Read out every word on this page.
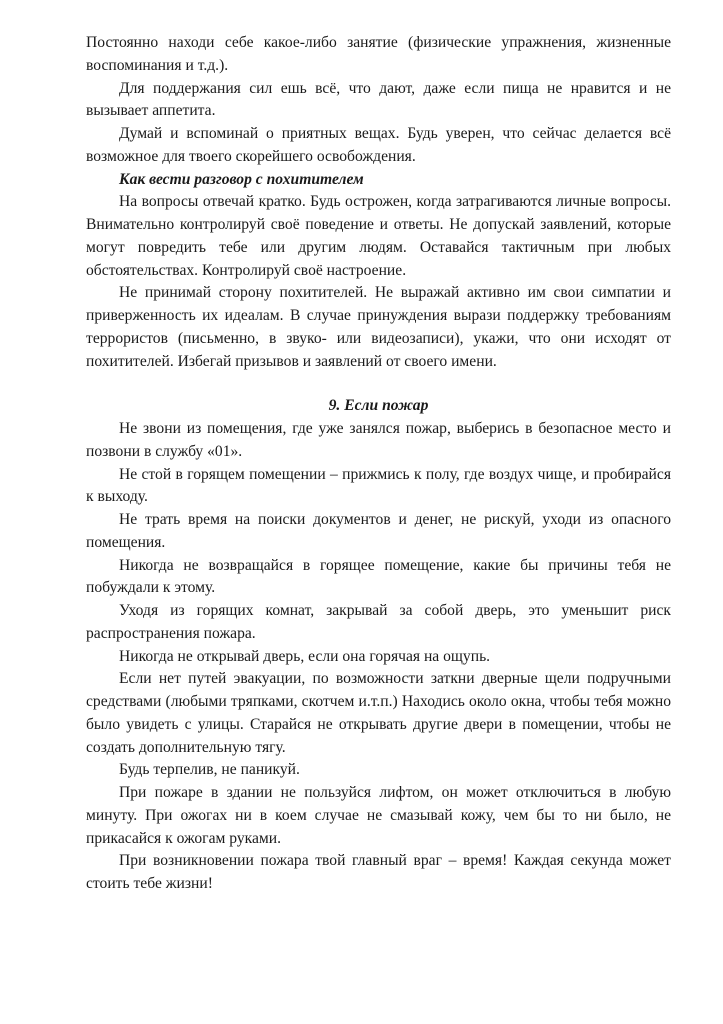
Постоянно находи себе какое-либо занятие (физические упражнения, жизненные воспоминания и т.д.).

Для поддержания сил ешь всё, что дают, даже если пища не нравится и не вызывает аппетита.

Думай и вспоминай о приятных вещах. Будь уверен, что сейчас делается всё возможное для твоего скорейшего освобождения.

Как вести разговор с похитителем

На вопросы отвечай кратко. Будь острожен, когда затрагиваются личные вопросы. Внимательно контролируй своё поведение и ответы. Не допускай заявлений, которые могут повредить тебе или другим людям. Оставайся тактичным при любых обстоятельствах. Контролируй своё настроение.

Не принимай сторону похитителей. Не выражай активно им свои симпатии и приверженность их идеалам. В случае принуждения вырази поддержку требованиям террористов (письменно, в звуко- или видеозаписи), укажи, что они исходят от похитителей. Избегай призывов и заявлений от своего имени.

9. Если пожар

Не звони из помещения, где уже занялся пожар, выберись в безопасное место и позвони в службу «01».

Не стой в горящем помещении – прижмись к полу, где воздух чище, и пробирайся к выходу.

Не трать время на поиски документов и денег, не рискуй, уходи из опасного помещения.

Никогда не возвращайся в горящее помещение, какие бы причины тебя не побуждали к этому.

Уходя из горящих комнат, закрывай за собой дверь, это уменьшит риск распространения пожара.

Никогда не открывай дверь, если она горячая на ощупь.

Если нет путей эвакуации, по возможности заткни дверные щели подручными средствами (любыми тряпками, скотчем и.т.п.) Находись около окна, чтобы тебя можно было увидеть с улицы. Старайся не открывать другие двери в помещении, чтобы не создать дополнительную тягу.

Будь терпелив, не паникуй.

При пожаре в здании не пользуйся лифтом, он может отключиться в любую минуту. При ожогах ни в коем случае не смазывай кожу, чем бы то ни было, не прикасайся к ожогам руками.

При возникновении пожара твой главный враг – время! Каждая секунда может стоить тебе жизни!
